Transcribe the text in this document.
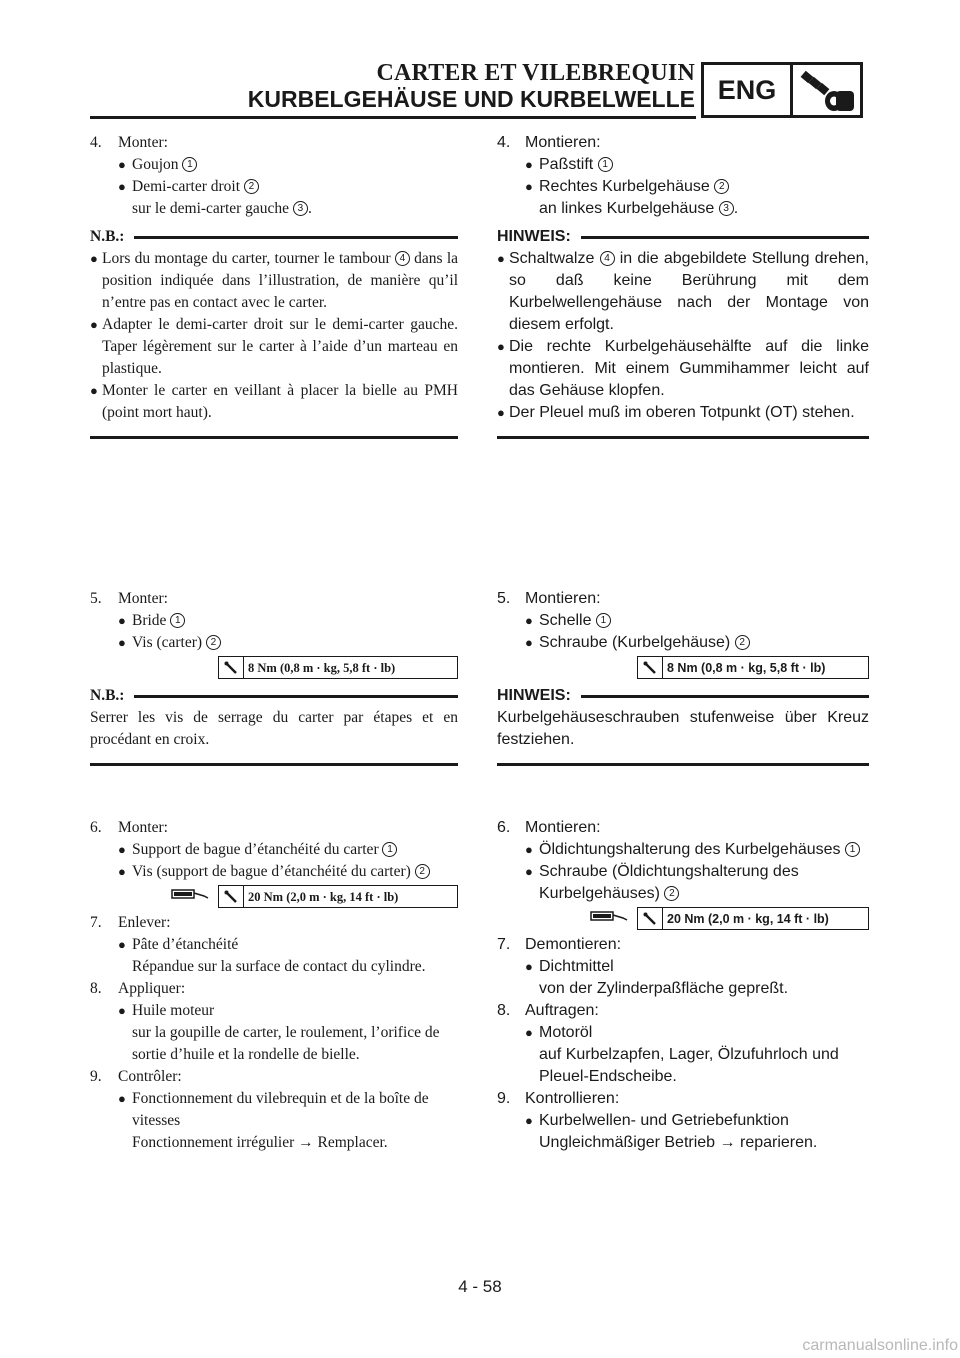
CARTER ET VILEBREQUIN
KURBELGEHÄUSE UND KURBELWELLE ENG
4. Monter:
● Goujon 1
● Demi-carter droit 2
sur le demi-carter gauche 3 .
N.B.:
● Lors du montage du carter, tourner le tambour 4 dans la position indiquée dans l’illustration, de manière qu’il n’entre pas en contact avec le carter.
● Adapter le demi-carter droit sur le demi-carter gauche. Taper légèrement sur le carter à l’aide d’un marteau en plastique.
● Monter le carter en veillant à placer la bielle au PMH (point mort haut).
5. Monter:
● Bride 1
● Vis (carter) 2
8 Nm (0,8 m · kg, 5,8 ft · lb)
N.B.:
Serrer les vis de serrage du carter par étapes et en procédant en croix.
6. Monter:
● Support de bague d’étanchéité du carter 1
● Vis (support de bague d’étanchéité du carter) 2
20 Nm (2,0 m · kg, 14 ft · lb)
7. Enlever:
● Pâte d’étanchéité
Répandue sur la surface de contact du cylindre.
8. Appliquer:
● Huile moteur
sur la goupille de carter, le roulement, l’orifice de sortie d’huile et la rondelle de bielle.
9. Contrôler:
● Fonctionnement du vilebrequin et de la boîte de vitesses
Fonctionnement irrégulier → Remplacer.
4. Montieren:
● Paßstift 1
● Rechtes Kurbelgehäuse 2
an linkes Kurbelgehäuse 3 .
HINWEIS:
● Schaltwalze 4 in die abgebildete Stellung drehen, so daß keine Berührung mit dem Kurbelwellengehäuse nach der Montage von diesem erfolgt.
● Die rechte Kurbelgehäusehälfte auf die linke montieren. Mit einem Gummihammer leicht auf das Gehäuse klopfen.
● Der Pleuel muß im oberen Totpunkt (OT) stehen.
5. Montieren:
● Schelle 1
● Schraube (Kurbelgehäuse) 2
8 Nm (0,8 m · kg, 5,8 ft · lb)
HINWEIS:
Kurbelgehäuseschrauben stufenweise über Kreuz festziehen.
6. Montieren:
● Öldichtungshalterung des Kurbelgehäuses 1
● Schraube (Öldichtungshalterung des Kurbelgehäuses) 2
20 Nm (2,0 m · kg, 14 ft · lb)
7. Demontieren:
● Dichtmittel
von der Zylinderpaßfläche gepreßt.
8. Auftragen:
● Motoröl
auf Kurbelzapfen, Lager, Ölzufuhrloch und Pleuel-Endscheibe.
9. Kontrollieren:
● Kurbelwellen- und Getriebefunktion
Ungleichmäßiger Betrieb → reparieren.
4 - 58
carmanualsonline.info
